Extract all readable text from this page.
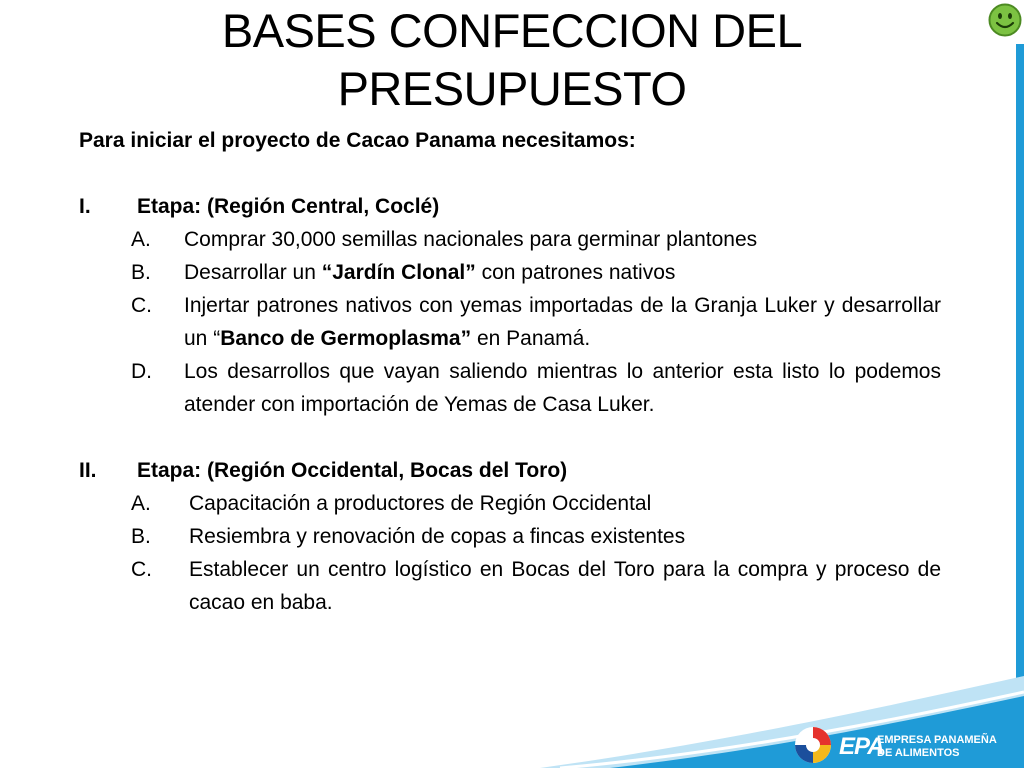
BASES CONFECCION DEL
PRESUPUESTO

Para iniciar el proyecto de Cacao Panama necesitamos:

I.	Etapa: (Región Central, Coclé)
A.	Comprar 30,000 semillas nacionales para germinar plantones
B.	Desarrollar un “Jardín Clonal” con patrones nativos
C.	Injertar patrones nativos con yemas importadas de la Granja Luker y desarrollar un “Banco de Germoplasma” en Panamá.
D.	Los desarrollos que vayan saliendo mientras lo anterior esta listo lo podemos atender con importación de Yemas de Casa Luker.
II.	Etapa: (Región Occidental, Bocas del Toro)
A.	Capacitación a productores de Región Occidental
B.	Resiembra y renovación de copas a fincas existentes
C.	Establecer un centro logístico en Bocas del Toro para la compra y proceso de cacao en baba.
EPA
EMPRESA PANAMEÑA
DE ALIMENTOS
